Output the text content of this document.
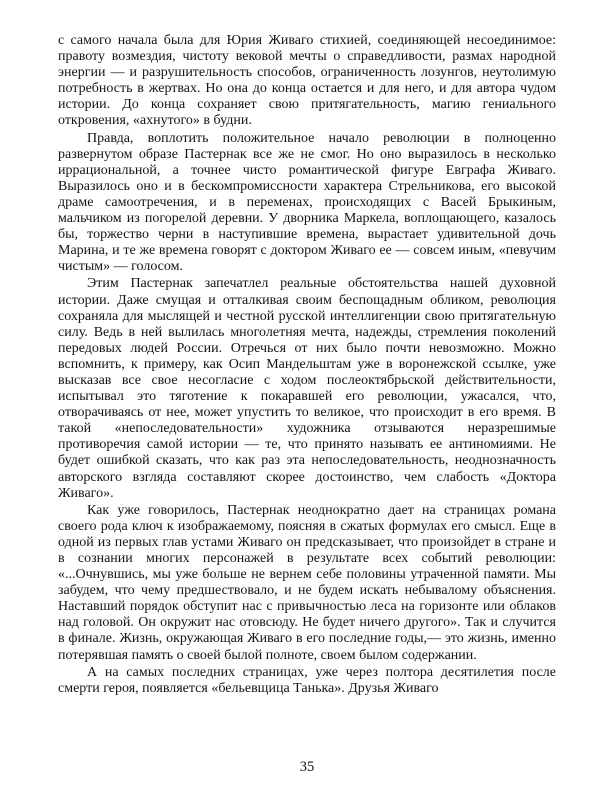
с самого начала была для Юрия Живаго стихией, соединяющей несоединимое: правоту возмездия, чистоту вековой мечты о справедливости, размах народной энергии — и разрушительность способов, ограниченность лозунгов, неутолимую потребность в жертвах. Но она до конца остается и для него, и для автора чудом истории. До конца сохраняет свою притягательность, магию гениального откровения, «ахнутого» в будни.

Правда, воплотить положительное начало революции в полноценно развернутом образе Пастернак все же не смог. Но оно выразилось в несколько иррациональной, а точнее чисто романтической фигуре Евграфа Живаго. Выразилось оно и в бескомпромиссности характера Стрельникова, его высокой драме самоотречения, и в переменах, происходящих с Васей Брыкиным, мальчиком из погорелой деревни. У дворника Маркела, воплощающего, казалось бы, торжество черни в наступившие времена, вырастает удивительной дочь Марина, и те же времена говорят с доктором Живаго ее — совсем иным, «певучим чистым» — голосом.

Этим Пастернак запечатлел реальные обстоятельства нашей духовной истории. Даже смущая и отталкивая своим беспощадным обликом, революция сохраняла для мыслящей и честной русской интеллигенции свою притягательную силу. Ведь в ней вылилась многолетняя мечта, надежды, стремления поколений передовых людей России. Отречься от них было почти невозможно. Можно вспомнить, к примеру, как Осип Мандельштам уже в воронежской ссылке, уже высказав все свое несогласие с ходом послеоктябрьской действительности, испытывал это тяготение к покаравшей его революции, ужасался, что, отворачиваясь от нее, может упустить то великое, что происходит в его время. В такой «непоследовательности» художника отзываются неразрешимые противоречия самой истории — те, что принято называть ее антиномиями. Не будет ошибкой сказать, что как раз эта непоследовательность, неоднозначность авторского взгляда составляют скорее достоинство, чем слабость «Доктора Живаго».

Как уже говорилось, Пастернак неоднократно дает на страницах романа своего рода ключ к изображаемому, поясняя в сжатых формулах его смысл. Еще в одной из первых глав устами Живаго он предсказывает, что произойдет в стране и в сознании многих персонажей в результате всех событий революции: «...Очнувшись, мы уже больше не вернем себе половины утраченной памяти. Мы забудем, что чему предшествовало, и не будем искать небывалому объяснения. Наставший порядок обступит нас с привычностью леса на горизонте или облаков над головой. Он окружит нас отовсюду. Не будет ничего другого». Так и случится в финале. Жизнь, окружающая Живаго в его последние годы,— это жизнь, именно потерявшая память о своей былой полноте, своем былом содержании.

А на самых последних страницах, уже через полтора десятилетия после смерти героя, появляется «бельевщица Танька». Друзья Живаго

35
